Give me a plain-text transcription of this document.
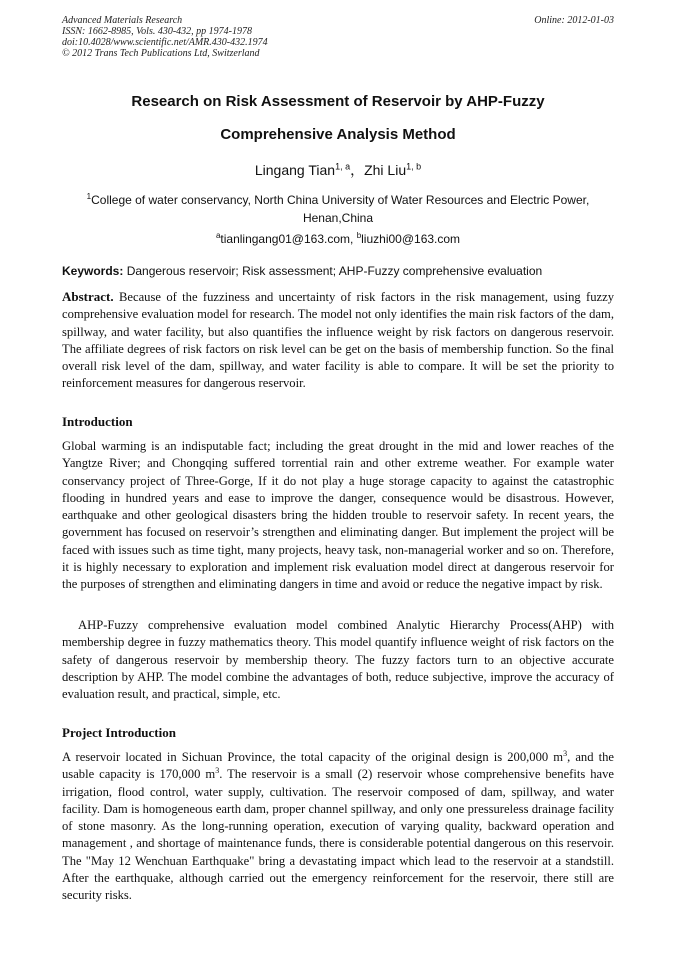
Advanced Materials Research
ISSN: 1662-8985, Vols. 430-432, pp 1974-1978
doi:10.4028/www.scientific.net/AMR.430-432.1974
© 2012 Trans Tech Publications Ltd, Switzerland
Online: 2012-01-03
Research on Risk Assessment of Reservoir by AHP-Fuzzy
Comprehensive Analysis Method
Lingang Tian$^{1, a}$，Zhi Liu$^{1, b}$
$^1$College of water conservancy, North China University of Water Resources and Electric Power, Henan,China
$^a$tianlingang01@163.com, $^b$liuzhi00@163.com
Keywords: Dangerous reservoir; Risk assessment; AHP-Fuzzy comprehensive evaluation

Abstract. Because of the fuzziness and uncertainty of risk factors in the risk management, using fuzzy comprehensive evaluation model for research. The model not only identifies the main risk factors of the dam, spillway, and water facility, but also quantifies the influence weight by risk factors on dangerous reservoir. The affiliate degrees of risk factors on risk level can be get on the basis of membership function. So the final overall risk level of the dam, spillway, and water facility is able to compare. It will be set the priority to reinforcement measures for dangerous reservoir.

Introduction

Global warming is an indisputable fact; including the great drought in the mid and lower reaches of the Yangtze River; and Chongqing suffered torrential rain and other extreme weather. For example water conservancy project of Three-Gorge, If it do not play a huge storage capacity to against the catastrophic flooding in hundred years and ease to improve the danger, consequence would be disastrous. However, earthquake and other geological disasters bring the hidden trouble to reservoir safety. In recent years, the government has focused on reservoir’s strengthen and eliminating danger. But implement the project will be faced with issues such as time tight, many projects, heavy task, non-managerial worker and so on. Therefore, it is highly necessary to exploration and implement risk evaluation model direct at dangerous reservoir for the purposes of strengthen and eliminating dangers in time and avoid or reduce the negative impact by risk.

AHP-Fuzzy comprehensive evaluation model combined Analytic Hierarchy Process(AHP) with membership degree in fuzzy mathematics theory. This model quantify influence weight of risk factors on the safety of dangerous reservoir by membership theory. The fuzzy factors turn to an objective accurate description by AHP. The model combine the advantages of both, reduce subjective, improve the accuracy of evaluation result, and practical, simple, etc.

Project Introduction

A reservoir located in Sichuan Province, the total capacity of the original design is 200,000 $m^3$, and the usable capacity is 170,000 $m^3$. The reservoir is a small (2) reservoir whose comprehensive benefits have irrigation, flood control, water supply, cultivation. The reservoir composed of dam, spillway, and water facility. Dam is homogeneous earth dam, proper channel spillway, and only one pressureless drainage facility of stone masonry. As the long-running operation, execution of varying quality, backward operation and management , and shortage of maintenance funds, there is considerable potential dangerous on this reservoir. The "May 12 Wenchuan Earthquake" bring a devastating impact which lead to the reservoir at a standstill. After the earthquake, although carried out the emergency reinforcement for the reservoir, there still are security risks.
